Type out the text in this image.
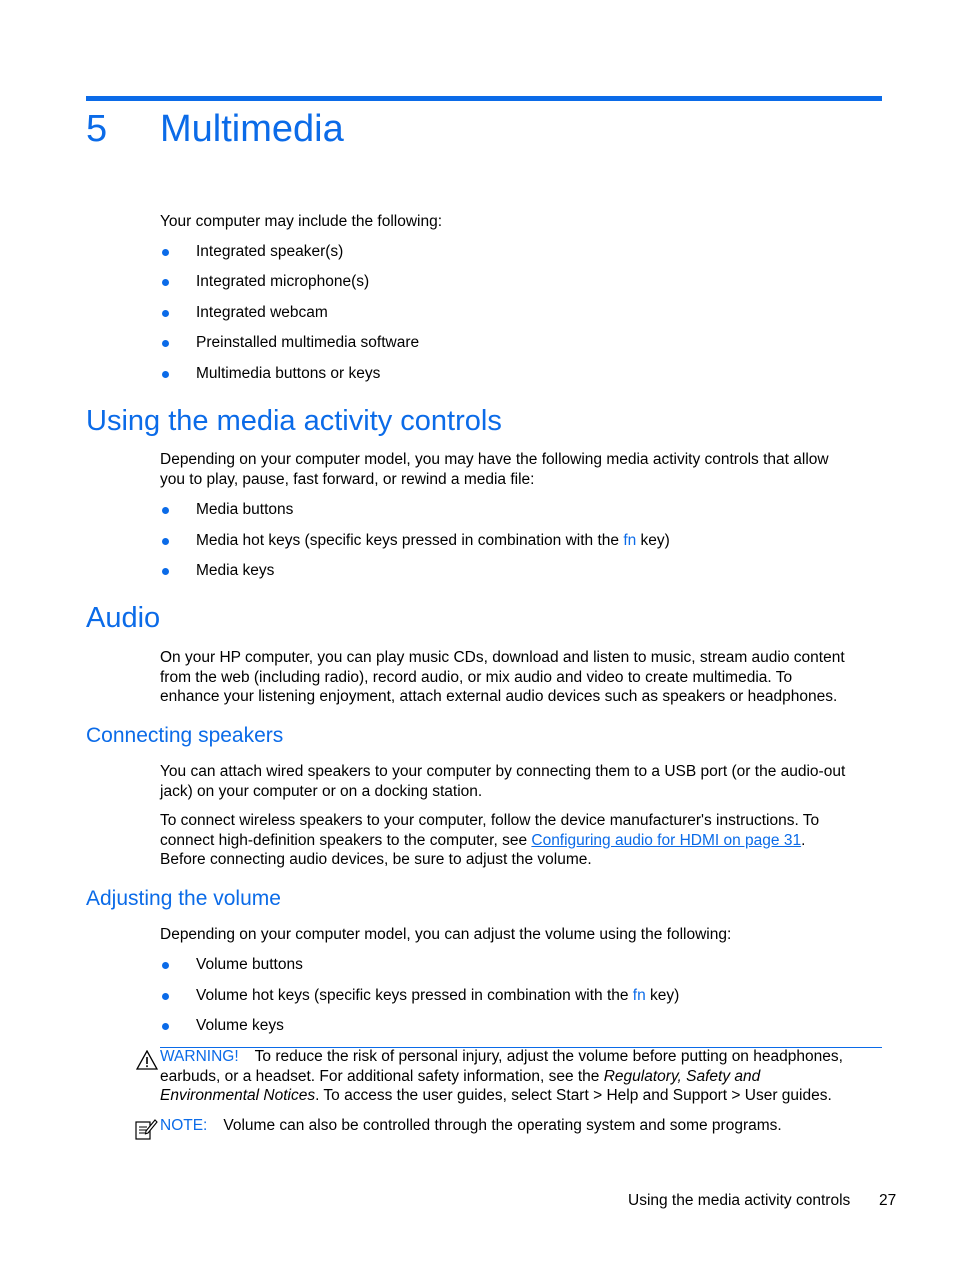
5 Multimedia
Your computer may include the following:
Integrated speaker(s)
Integrated microphone(s)
Integrated webcam
Preinstalled multimedia software
Multimedia buttons or keys
Using the media activity controls
Depending on your computer model, you may have the following media activity controls that allow
you to play, pause, fast forward, or rewind a media file:
Media buttons
Media hot keys (specific keys pressed in combination with the fn key)
Media keys
Audio
On your HP computer, you can play music CDs, download and listen to music, stream audio content
from the web (including radio), record audio, or mix audio and video to create multimedia. To
enhance your listening enjoyment, attach external audio devices such as speakers or headphones.
Connecting speakers
You can attach wired speakers to your computer by connecting them to a USB port (or the audio-out
jack) on your computer or on a docking station.
To connect wireless speakers to your computer, follow the device manufacturer's instructions. To
connect high-definition speakers to the computer, see Configuring audio for HDMI on page 31.
Before connecting audio devices, be sure to adjust the volume.
Adjusting the volume
Depending on your computer model, you can adjust the volume using the following:
Volume buttons
Volume hot keys (specific keys pressed in combination with the fn key)
Volume keys
WARNING! To reduce the risk of personal injury, adjust the volume before putting on headphones,
earbuds, or a headset. For additional safety information, see the Regulatory, Safety and
Environmental Notices. To access the user guides, select Start > Help and Support > User guides.
NOTE: Volume can also be controlled through the operating system and some programs.
Using the media activity controls 27
